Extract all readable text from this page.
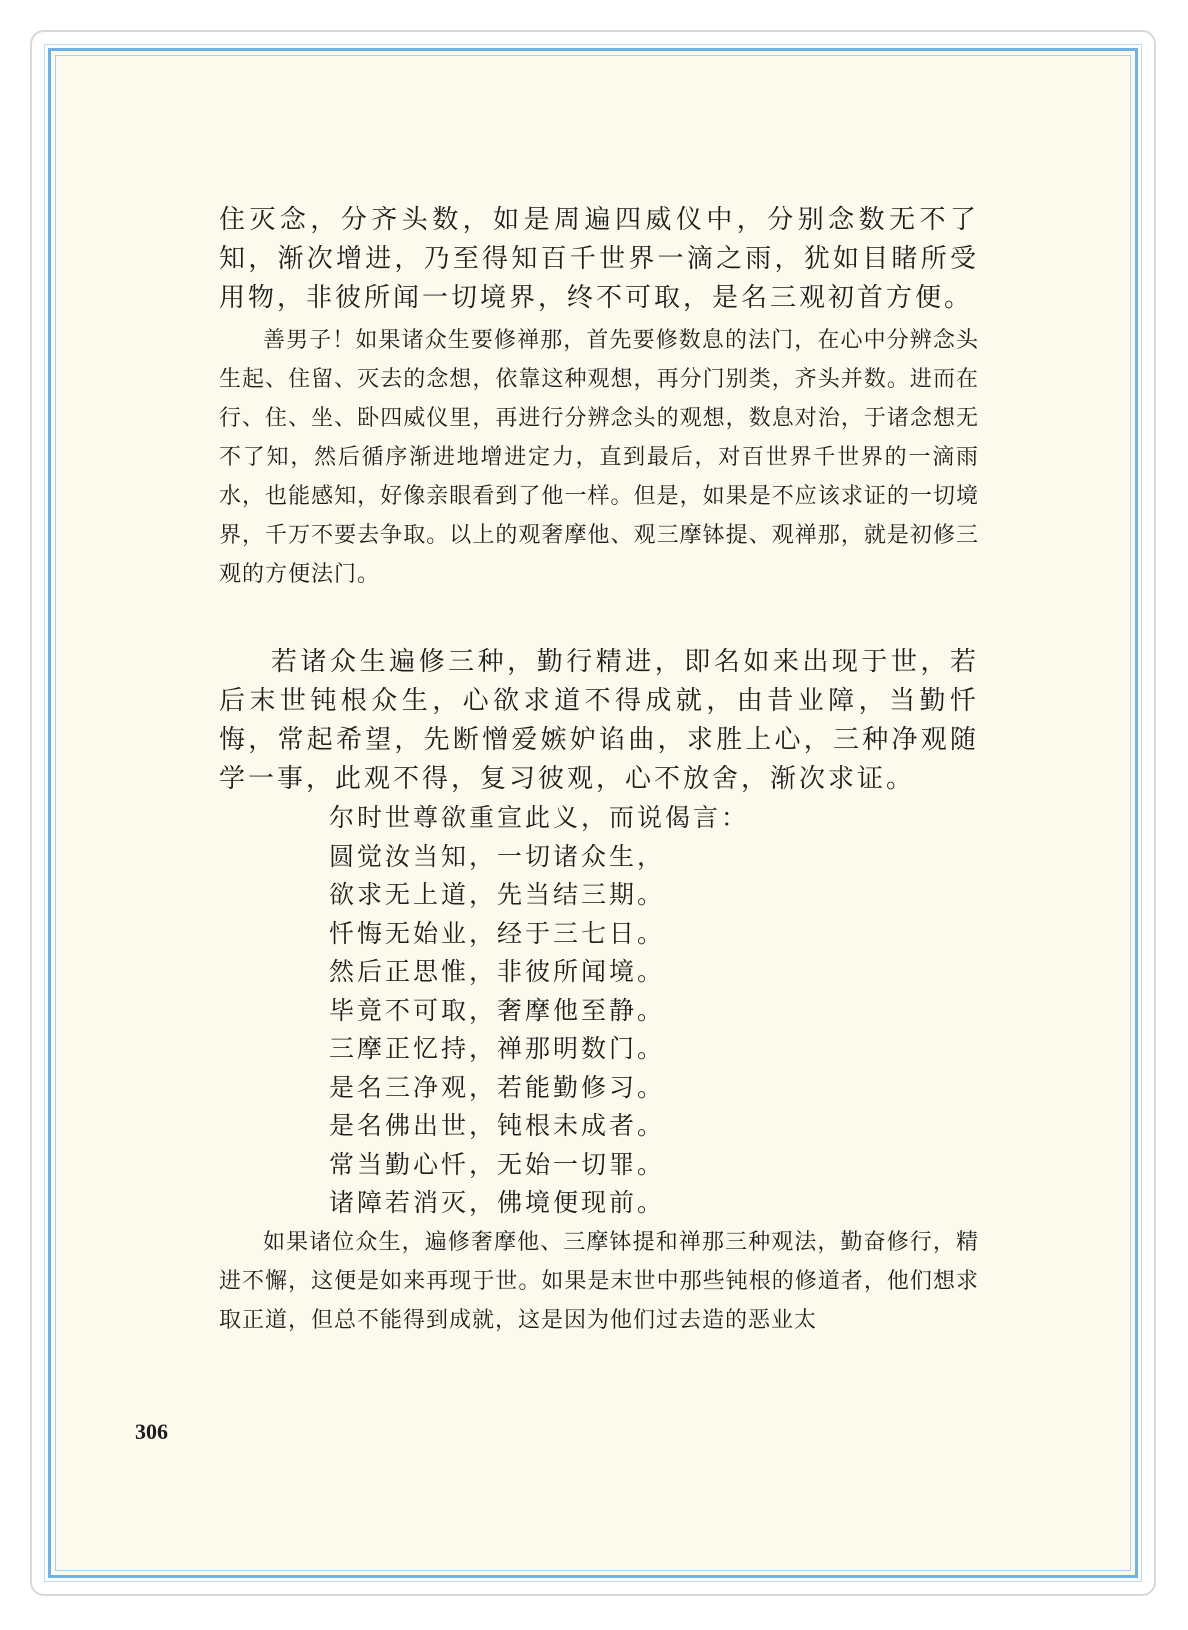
住灭念，分齐头数，如是周遍四威仪中，分别念数无不了知，渐次增进，乃至得知百千世界一滴之雨，犹如目睹所受用物，非彼所闻一切境界，终不可取，是名三观初首方便。

善男子！如果诸众生要修禅那，首先要修数息的法门，在心中分辨念头生起、住留、灭去的念想，依靠这种观想，再分门别类，齐头并数。进而在行、住、坐、卧四威仪里，再进行分辨念头的观想，数息对治，于诸念想无不了知，然后循序渐进地增进定力，直到最后，对百世界千世界的一滴雨水，也能感知，好像亲眼看到了他一样。但是，如果是不应该求证的一切境界，千万不要去争取。以上的观奢摩他、观三摩钵提、观禅那，就是初修三观的方便法门。

若诸众生遍修三种，勤行精进，即名如来出现于世，若后末世钝根众生，心欲求道不得成就，由昔业障，当勤忏悔，常起希望，先断憎爱嫉妒谄曲，求胜上心，三种净观随学一事，此观不得，复习彼观，心不放舍，渐次求证。

尔时世尊欲重宣此义，而说偈言：
圆觉汝当知，一切诸众生，
欲求无上道，先当结三期。
忏悔无始业，经于三七日。
然后正思惟，非彼所闻境。
毕竟不可取，奢摩他至静。
三摩正忆持，禅那明数门。
是名三净观，若能勤修习。
是名佛出世，钝根未成者。
常当勤心忏，无始一切罪。
诸障若消灭，佛境便现前。

如果诸位众生，遍修奢摩他、三摩钵提和禅那三种观法，勤奋修行，精进不懈，这便是如来再现于世。如果是末世中那些钝根的修道者，他们想求取正道，但总不能得到成就，这是因为他们过去造的恶业太

306
